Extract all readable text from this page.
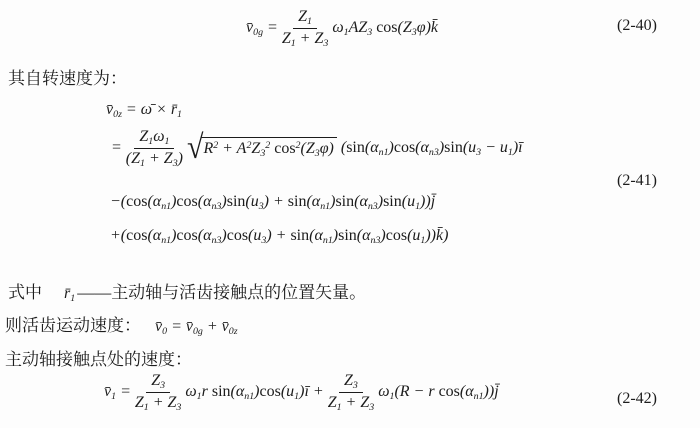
$v̄_{0g} = \frac{Z_1}{Z_1 + Z_3} \omega_1AZ_3$ $\cos(Z_3\varphi)k̄$	(2-40)
其自转速度为：
$v̄_{0z}$ = ω̄ × $r̄_1$
= $\frac{Z_1\omega_1}{(Z_1 + Z_3)}$ √ $R^2 + A^2Z_3^2$ $\cos^2(Z_3\varphi) (\sin(\alpha_{n1})\cos(\alpha_{n3})\sin(u_3$ − $u_1)ī$
$-(\cos(\alpha_{n1})\cos(\alpha_{n3})\sin(u_3)$ + $\sin(\alpha_{n1})\sin(\alpha_{n3})\sin(u_1))j̄$
$+(\cos(\alpha_{n1})\cos(\alpha_{n3})\cos(u_3)$ + $\sin(\alpha_{n1})\sin(\alpha_{n3})\cos(u_1))k̄$)
(2-41)
式中 $r̄_1$ —— 主动轴与活齿接触点的位置矢量。
则活齿运动速度： $v̄_0$ = $v̄_{0g}$ + $v̄_{0z}$
主动轴接触点处的速度：
$v̄_1 = \frac{Z_3}{Z_1 + Z_3} \omega_1r$ $\sin(\alpha_{n1})\cos(u_1)ī + \frac{Z_3}{Z_1 + Z_3} \omega_1(R - r$ $\cos(\alpha_{n1}))j̄$	(2-42)
